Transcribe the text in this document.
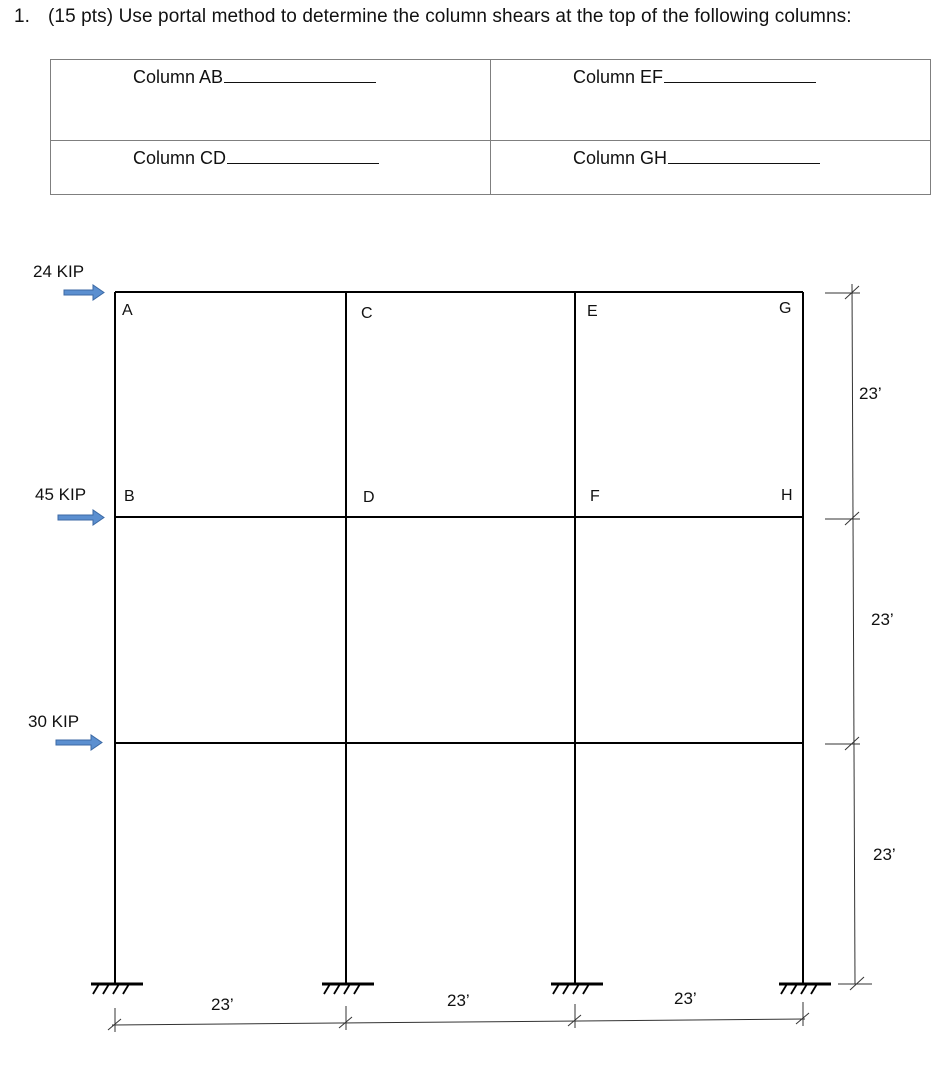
1. (15 pts) Use portal method to determine the column shears at the top of the following columns:
Column AB	Column EF

Column CD	Column GH
24 KIP
45 KIP
30 KIP
A	C	E	G
B	D	F	H
23’
23’
23’
23’	23’	23’
